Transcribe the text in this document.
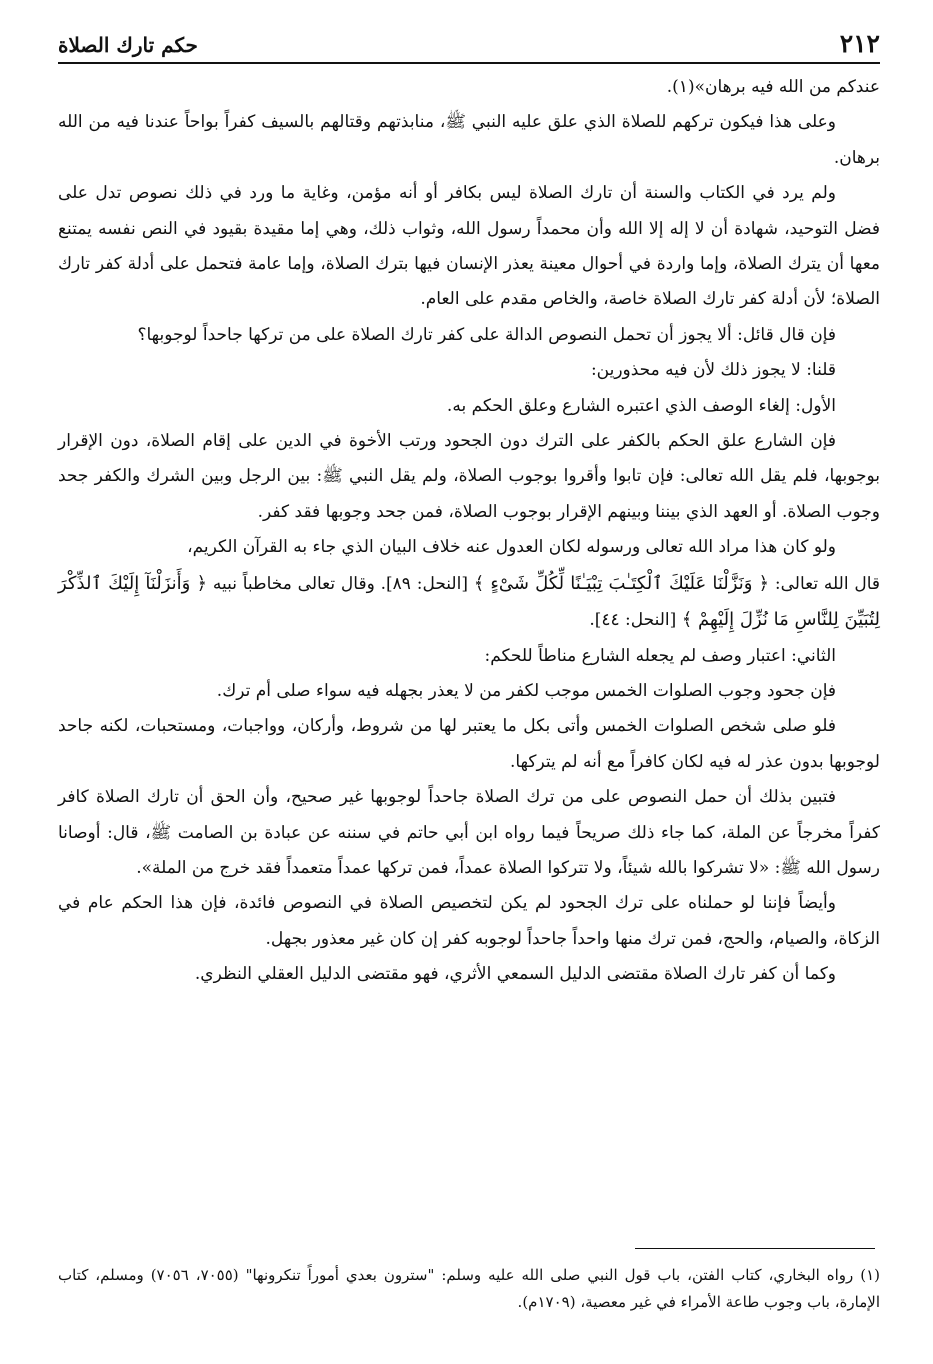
٢١٢
حكم تارك الصلاة

عندكم من الله فيه برهان»(١).

وعلى هذا فيكون تركهم للصلاة الذي علق عليه النبي ﷺ، منابذتهم وقتالهم بالسيف كفراً بواحاً عندنا فيه من الله برهان.

ولم يرد في الكتاب والسنة أن تارك الصلاة ليس بكافر أو أنه مؤمن، وغاية ما ورد في ذلك نصوص تدل على فضل التوحيد، شهادة أن لا إله إلا الله وأن محمداً رسول الله، وثواب ذلك، وهي إما مقيدة بقيود في النص نفسه يمتنع معها أن يترك الصلاة، وإما واردة في أحوال معينة يعذر الإنسان فيها بترك الصلاة، وإما عامة فتحمل على أدلة كفر تارك الصلاة؛ لأن أدلة كفر تارك الصلاة خاصة، والخاص مقدم على العام.

فإن قال قائل: ألا يجوز أن تحمل النصوص الدالة على كفر تارك الصلاة على من تركها جاحداً لوجوبها؟

قلنا: لا يجوز ذلك لأن فيه محذورين:

الأول: إلغاء الوصف الذي اعتبره الشارع وعلق الحكم به.

فإن الشارع علق الحكم بالكفر على الترك دون الجحود ورتب الأخوة في الدين على إقام الصلاة، دون الإقرار بوجوبها، فلم يقل الله تعالى: فإن تابوا وأقروا بوجوب الصلاة، ولم يقل النبي ﷺ: بين الرجل وبين الشرك والكفر جحد وجوب الصلاة. أو العهد الذي بيننا وبينهم الإقرار بوجوب الصلاة، فمن جحد وجوبها فقد كفر.

ولو كان هذا مراد الله تعالى ورسوله لكان العدول عنه خلاف البيان الذي جاء به القرآن الكريم،

قال الله تعالى: ﴿ وَنَزَّلْنَا عَلَيْكَ ٱلْكِتَـٰبَ تِبْيَـٰنًا لِّكُلِّ شَىْءٍ ﴾ [النحل: ٨٩]. وقال تعالى مخاطباً نبيه ﴿ وَأَنزَلْنَآ إِلَيْكَ ٱلذِّكْرَ لِتُبَيِّنَ لِلنَّاسِ مَا نُزِّلَ إِلَيْهِمْ ﴾ [النحل: ٤٤].

الثاني: اعتبار وصف لم يجعله الشارع مناطاً للحكم:

فإن جحود وجوب الصلوات الخمس موجب لكفر من لا يعذر بجهله فيه سواء صلى أم ترك.

فلو صلى شخص الصلوات الخمس وأتى بكل ما يعتبر لها من شروط، وأركان، وواجبات، ومستحبات، لكنه جاحد لوجوبها بدون عذر له فيه لكان كافراً مع أنه لم يتركها.

فتبين بذلك أن حمل النصوص على من ترك الصلاة جاحداً لوجوبها غير صحيح، وأن الحق أن تارك الصلاة كافر كفراً مخرجاً عن الملة، كما جاء ذلك صريحاً فيما رواه ابن أبي حاتم في سننه عن عبادة بن الصامت ﷺ، قال: أوصانا رسول الله ﷺ: «لا تشركوا بالله شيئاً، ولا تتركوا الصلاة عمداً، فمن تركها عمداً متعمداً فقد خرج من الملة».

وأيضاً فإننا لو حملناه على ترك الجحود لم يكن لتخصيص الصلاة في النصوص فائدة، فإن هذا الحكم عام في الزكاة، والصيام، والحج، فمن ترك منها واحداً جاحداً لوجوبه كفر إن كان غير معذور بجهل.

وكما أن كفر تارك الصلاة مقتضى الدليل السمعي الأثري، فهو مقتضى الدليل العقلي النظري.

(١) رواه البخاري، كتاب الفتن، باب قول النبي صلى الله عليه وسلم: "سترون بعدي أموراً تنكرونها" (٧٠٥٥، ٧٠٥٦) ومسلم، كتاب الإمارة، باب وجوب طاعة الأمراء في غير معصية، (١٧٠٩م).
